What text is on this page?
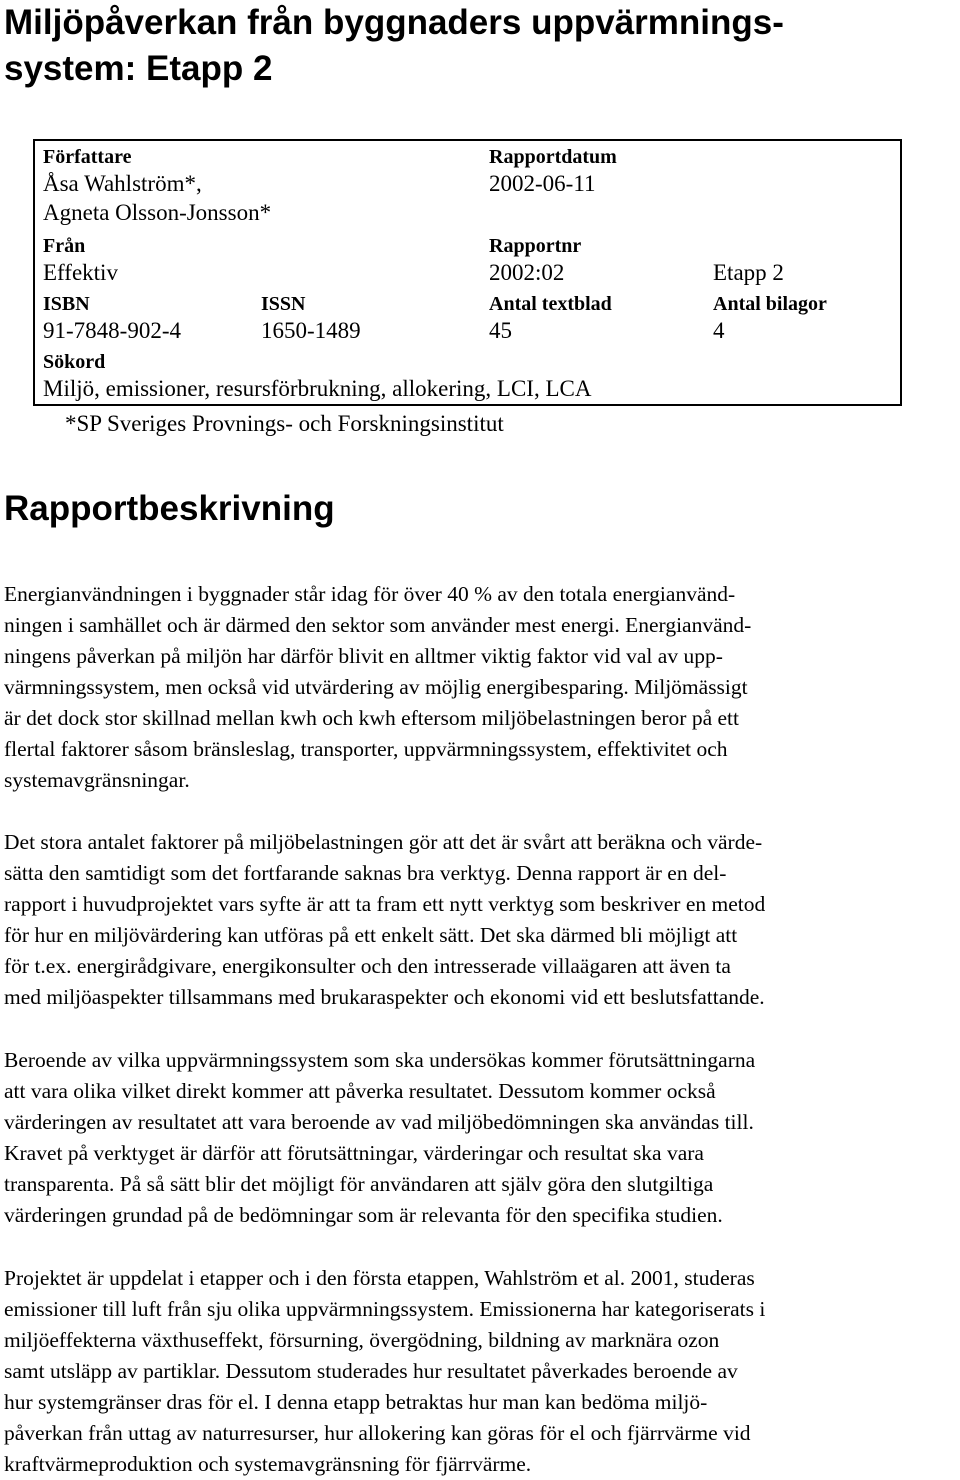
Miljöpåverkan från byggnaders uppvärmnings-
system: Etapp 2
Författare
Åsa Wahlström*,
Agneta Olsson-Jonsson*
Rapportdatum
2002-06-11
Från
Effektiv
Rapportnr
2002:02	Etapp 2
ISBN
91-7848-902-4
ISSN
1650-1489
Antal textblad
45
Antal bilagor
4
Sökord
Miljö, emissioner, resursförbrukning, allokering, LCI, LCA
*SP Sveriges Provnings- och Forskningsinstitut
Rapportbeskrivning

Energianvändningen i byggnader står idag för över 40 % av den totala energianvänd-
ningen i samhället och är därmed den sektor som använder mest energi. Energianvänd-
ningens påverkan på miljön har därför blivit en alltmer viktig faktor vid val av upp-
värmningssystem, men också vid utvärdering av möjlig energibesparing. Miljömässigt
är det dock stor skillnad mellan kwh och kwh eftersom miljöbelastningen beror på ett
flertal faktorer såsom bränsleslag, transporter, uppvärmningssystem, effektivitet och
systemavgränsningar.

Det stora antalet faktorer på miljöbelastningen gör att det är svårt att beräkna och värde-
sätta den samtidigt som det fortfarande saknas bra verktyg. Denna rapport är en del-
rapport i huvudprojektet vars syfte är att ta fram ett nytt verktyg som beskriver en metod
för hur en miljövärdering kan utföras på ett enkelt sätt. Det ska därmed bli möjligt att
för t.ex. energirådgivare, energikonsulter och den intresserade villaägaren att även ta
med miljöaspekter tillsammans med brukaraspekter och ekonomi vid ett beslutsfattande.

Beroende av vilka uppvärmningssystem som ska undersökas kommer förutsättningarna
att vara olika vilket direkt kommer att påverka resultatet. Dessutom kommer också
värderingen av resultatet att vara beroende av vad miljöbedömningen ska användas till.
Kravet på verktyget är därför att förutsättningar, värderingar och resultat ska vara
transparenta. På så sätt blir det möjligt för användaren att själv göra den slutgiltiga
värderingen grundad på de bedömningar som är relevanta för den specifika studien.

Projektet är uppdelat i etapper och i den första etappen, Wahlström et al. 2001, studeras
emissioner till luft från sju olika uppvärmningssystem. Emissionerna har kategoriserats i
miljöeffekterna växthuseffekt, försurning, övergödning, bildning av marknära ozon
samt utsläpp av partiklar. Dessutom studerades hur resultatet påverkades beroende av
hur systemgränser dras för el. I denna etapp betraktas hur man kan bedöma miljö-
påverkan från uttag av naturresurser, hur allokering kan göras för el och fjärrvärme vid
kraftvärmeproduktion och systemavgränsning för fjärrvärme.
